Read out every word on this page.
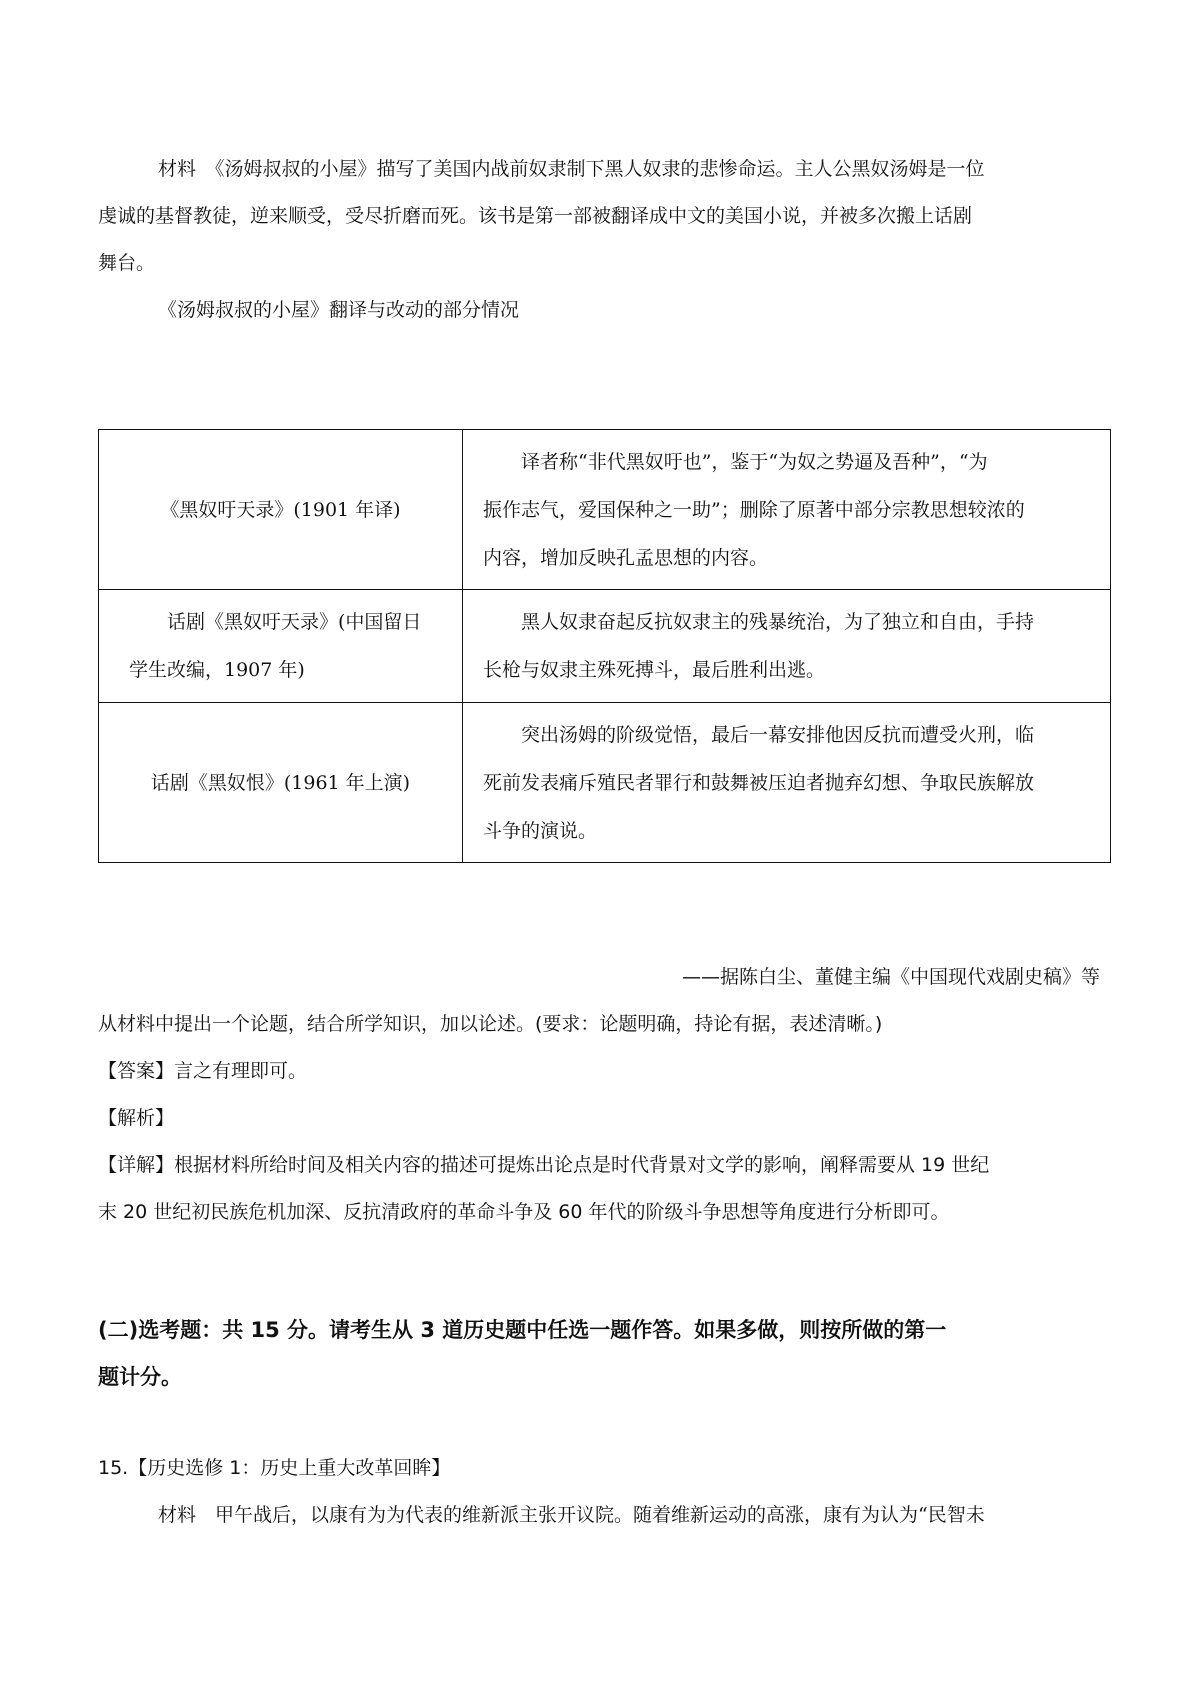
材料　《汤姆叔叔的小屋》描写了美国内战前奴隶制下黑人奴隶的悲惨命运。主人公黑奴汤姆是一位
虔诚的基督教徒，逆来顺受，受尽折磨而死。该书是第一部被翻译成中文的美国小说，并被多次搬上话剧
舞台。
《汤姆叔叔的小屋》翻译与改动的部分情况
《黑奴吁天录》(1901 年译)	译者称“非代黑奴吁也”，鉴于“为奴之势逼及吾种”，“为
振作志气，爱国保种之一助”；删除了原著中部分宗教思想较浓的
内容，增加反映孔孟思想的内容。

话剧《黑奴吁天录》(中国留日
学生改编，1907 年)	黑人奴隶奋起反抗奴隶主的残暴统治，为了独立和自由，手持
长枪与奴隶主殊死搏斗，最后胜利出逃。

话剧《黑奴恨》(1961 年上演)	突出汤姆的阶级觉悟，最后一幕安排他因反抗而遭受火刑，临
死前发表痛斥殖民者罪行和鼓舞被压迫者抛弃幻想、争取民族解放
斗争的演说。
——据陈白尘、董健主编《中国现代戏剧史稿》等
从材料中提出一个论题，结合所学知识，加以论述。(要求：论题明确，持论有据，表述清晰。)
【答案】言之有理即可。
【解析】
【详解】根据材料所给时间及相关内容的描述可提炼出论点是时代背景对文学的影响，阐释需要从 19 世纪
末 20 世纪初民族危机加深、反抗清政府的革命斗争及 60 年代的阶级斗争思想等角度进行分析即可。
(二)选考题：共 15 分。请考生从 3 道历史题中任选一题作答。如果多做，则按所做的第一
题计分。
15.【历史选修 1：历史上重大改革回眸】
材料　甲午战后，以康有为为代表的维新派主张开议院。随着维新运动的高涨，康有为认为“民智未
